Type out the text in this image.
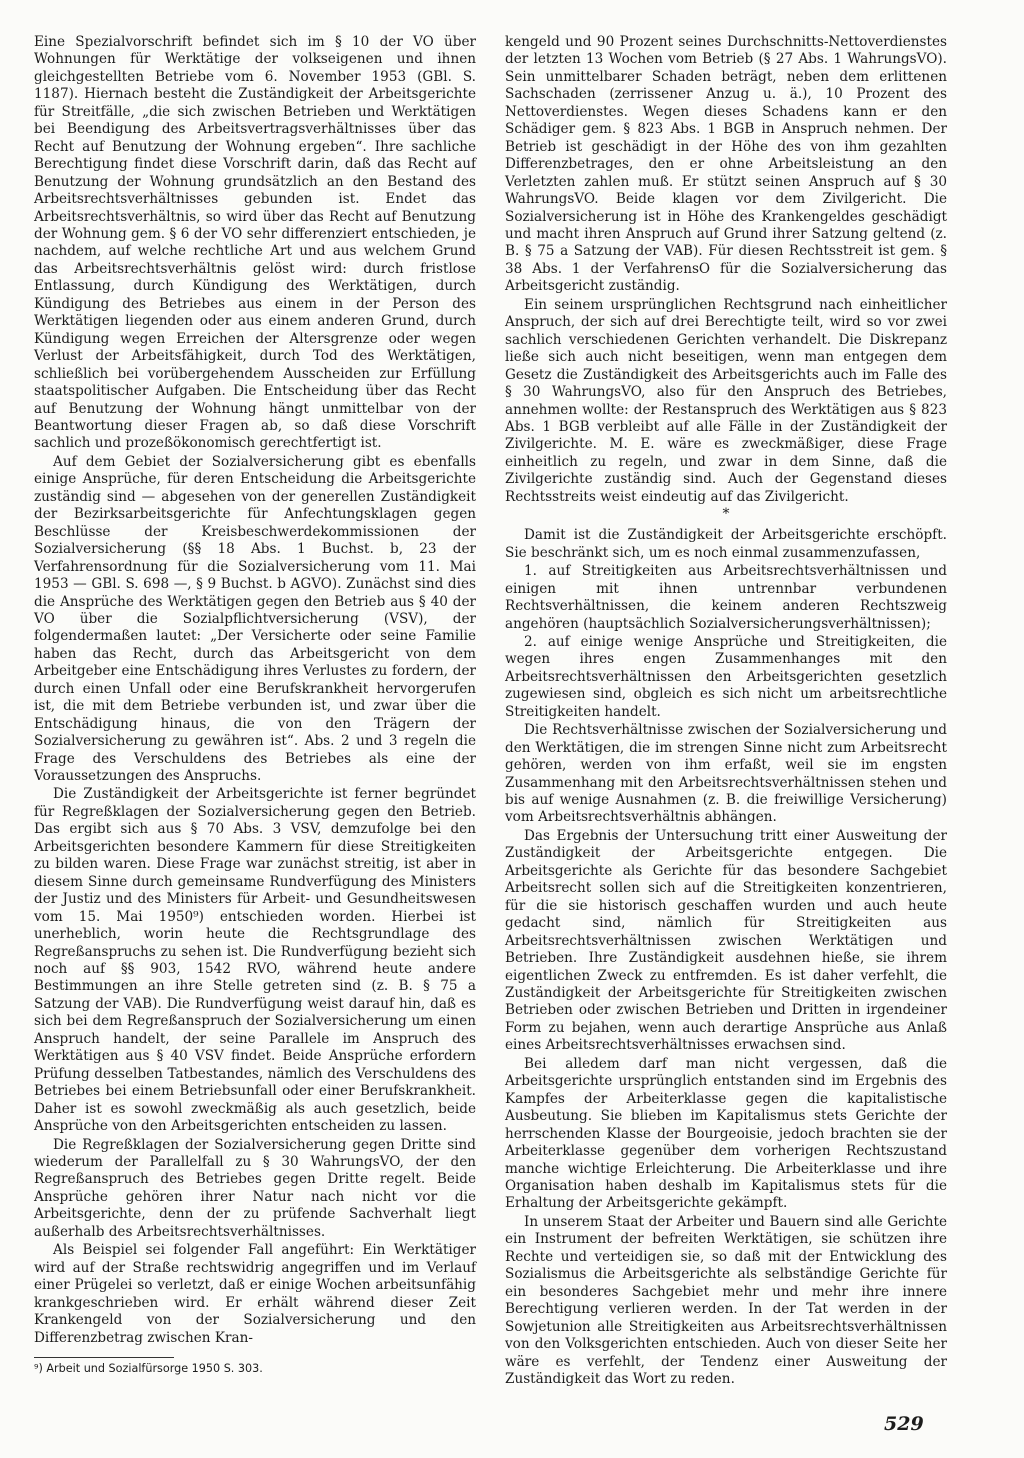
Eine Spezialvorschrift befindet sich im § 10 der VO über Wohnungen für Werktätige der volkseigenen und ihnen gleichgestellten Betriebe vom 6. November 1953 (GBl. S. 1187). Hiernach besteht die Zuständigkeit der Arbeitsgerichte für Streitfälle, „die sich zwischen Betrieben und Werktätigen bei Beendigung des Arbeitsvertragsverhältnisses über das Recht auf Benutzung der Wohnung ergeben“. Ihre sachliche Berechtigung findet diese Vorschrift darin, daß das Recht auf Benutzung der Wohnung grundsätzlich an den Bestand des Arbeitsrechtsverhältnisses gebunden ist. Endet das Arbeitsrechtsverhältnis, so wird über das Recht auf Benutzung der Wohnung gem. § 6 der VO sehr differenziert entschieden, je nachdem, auf welche rechtliche Art und aus welchem Grund das Arbeitsrechtsverhältnis gelöst wird: durch fristlose Entlassung, durch Kündigung des Werktätigen, durch Kündigung des Betriebes aus einem in der Person des Werktätigen liegenden oder aus einem anderen Grund, durch Kündigung wegen Erreichen der Altersgrenze oder wegen Verlust der Arbeitsfähigkeit, durch Tod des Werktätigen, schließlich bei vorübergehendem Ausscheiden zur Erfüllung staatspolitischer Aufgaben. Die Entscheidung über das Recht auf Benutzung der Wohnung hängt unmittelbar von der Beantwortung dieser Fragen ab, so daß diese Vorschrift sachlich und prozeßökonomisch gerechtfertigt ist.

Auf dem Gebiet der Sozialversicherung gibt es ebenfalls einige Ansprüche, für deren Entscheidung die Arbeitsgerichte zuständig sind — abgesehen von der generellen Zuständigkeit der Bezirksarbeitsgerichte für Anfechtungsklagen gegen Beschlüsse der Kreisbeschwerdekommissionen der Sozialversicherung (§§ 18 Abs. 1 Buchst. b, 23 der Verfahrensordnung für die Sozialversicherung vom 11. Mai 1953 — GBl. S. 698 —, § 9 Buchst. b AGVO). Zunächst sind dies die Ansprüche des Werktätigen gegen den Betrieb aus § 40 der VO über die Sozialpflichtversicherung (VSV), der folgendermaßen lautet: „Der Versicherte oder seine Familie haben das Recht, durch das Arbeitsgericht von dem Arbeitgeber eine Entschädigung ihres Verlustes zu fordern, der durch einen Unfall oder eine Berufskrankheit hervorgerufen ist, die mit dem Betriebe verbunden ist, und zwar über die Entschädigung hinaus, die von den Trägern der Sozialversicherung zu gewähren ist“. Abs. 2 und 3 regeln die Frage des Verschuldens des Betriebes als eine der Voraussetzungen des Anspruchs.

Die Zuständigkeit der Arbeitsgerichte ist ferner begründet für Regreßklagen der Sozialversicherung gegen den Betrieb. Das ergibt sich aus § 70 Abs. 3 VSV, demzufolge bei den Arbeitsgerichten besondere Kammern für diese Streitigkeiten zu bilden waren. Diese Frage war zunächst streitig, ist aber in diesem Sinne durch gemeinsame Rundverfügung des Ministers der Justiz und des Ministers für Arbeit- und Gesundheitswesen vom 15. Mai 1950⁹) entschieden worden. Hierbei ist unerheblich, worin heute die Rechtsgrundlage des Regreßanspruchs zu sehen ist. Die Rundverfügung bezieht sich noch auf §§ 903, 1542 RVO, während heute andere Bestimmungen an ihre Stelle getreten sind (z. B. § 75 a Satzung der VAB). Die Rundverfügung weist darauf hin, daß es sich bei dem Regreßanspruch der Sozialversicherung um einen Anspruch handelt, der seine Parallele im Anspruch des Werktätigen aus § 40 VSV findet. Beide Ansprüche erfordern Prüfung desselben Tatbestandes, nämlich des Verschuldens des Betriebes bei einem Betriebsunfall oder einer Berufskrankheit. Daher ist es sowohl zweckmäßig als auch gesetzlich, beide Ansprüche von den Arbeitsgerichten entscheiden zu lassen.

Die Regreßklagen der Sozialversicherung gegen Dritte sind wiederum der Parallelfall zu § 30 WahrungsVO, der den Regreßanspruch des Betriebes gegen Dritte regelt. Beide Ansprüche gehören ihrer Natur nach nicht vor die Arbeitsgerichte, denn der zu prüfende Sachverhalt liegt außerhalb des Arbeitsrechtsverhältnisses.

Als Beispiel sei folgender Fall angeführt: Ein Werktätiger wird auf der Straße rechtswidrig angegriffen und im Verlauf einer Prügelei so verletzt, daß er einige Wochen arbeitsunfähig krankgeschrieben wird. Er erhält während dieser Zeit Krankengeld von der Sozialversicherung und den Differenzbetrag zwischen Kran-

⁹) Arbeit und Sozialfürsorge 1950 S. 303.

kengeld und 90 Prozent seines Durchschnitts-Nettoverdienstes der letzten 13 Wochen vom Betrieb (§ 27 Abs. 1 WahrungsVO). Sein unmittelbarer Schaden beträgt, neben dem erlittenen Sachschaden (zerrissener Anzug u. ä.), 10 Prozent des Nettoverdienstes. Wegen dieses Schadens kann er den Schädiger gem. § 823 Abs. 1 BGB in Anspruch nehmen. Der Betrieb ist geschädigt in der Höhe des von ihm gezahlten Differenzbetrages, den er ohne Arbeitsleistung an den Verletzten zahlen muß. Er stützt seinen Anspruch auf § 30 WahrungsVO. Beide klagen vor dem Zivilgericht. Die Sozialversicherung ist in Höhe des Krankengeldes geschädigt und macht ihren Anspruch auf Grund ihrer Satzung geltend (z. B. § 75 a Satzung der VAB). Für diesen Rechtsstreit ist gem. § 38 Abs. 1 der VerfahrensO für die Sozialversicherung das Arbeitsgericht zuständig.

Ein seinem ursprünglichen Rechtsgrund nach einheitlicher Anspruch, der sich auf drei Berechtigte teilt, wird so vor zwei sachlich verschiedenen Gerichten verhandelt. Die Diskrepanz ließe sich auch nicht beseitigen, wenn man entgegen dem Gesetz die Zuständigkeit des Arbeitsgerichts auch im Falle des § 30 WahrungsVO, also für den Anspruch des Betriebes, annehmen wollte: der Restanspruch des Werktätigen aus § 823 Abs. 1 BGB verbleibt auf alle Fälle in der Zuständigkeit der Zivilgerichte. M. E. wäre es zweckmäßiger, diese Frage einheitlich zu regeln, und zwar in dem Sinne, daß die Zivilgerichte zuständig sind. Auch der Gegenstand dieses Rechtsstreits weist eindeutig auf das Zivilgericht.

*

Damit ist die Zuständigkeit der Arbeitsgerichte erschöpft. Sie beschränkt sich, um es noch einmal zusammenzufassen,

1. auf Streitigkeiten aus Arbeitsrechtsverhältnissen und einigen mit ihnen untrennbar verbundenen Rechtsverhältnissen, die keinem anderen Rechtszweig angehören (hauptsächlich Sozialversicherungsverhältnissen);

2. auf einige wenige Ansprüche und Streitigkeiten, die wegen ihres engen Zusammenhanges mit den Arbeitsrechtsverhältnissen den Arbeitsgerichten gesetzlich zugewiesen sind, obgleich es sich nicht um arbeitsrechtliche Streitigkeiten handelt.

Die Rechtsverhältnisse zwischen der Sozialversicherung und den Werktätigen, die im strengen Sinne nicht zum Arbeitsrecht gehören, werden von ihm erfaßt, weil sie im engsten Zusammenhang mit den Arbeitsrechtsverhältnissen stehen und bis auf wenige Ausnahmen (z. B. die freiwillige Versicherung) vom Arbeitsrechtsverhältnis abhängen.

Das Ergebnis der Untersuchung tritt einer Ausweitung der Zuständigkeit der Arbeitsgerichte entgegen. Die Arbeitsgerichte als Gerichte für das besondere Sachgebiet Arbeitsrecht sollen sich auf die Streitigkeiten konzentrieren, für die sie historisch geschaffen wurden und auch heute gedacht sind, nämlich für Streitigkeiten aus Arbeitsrechtsverhältnissen zwischen Werktätigen und Betrieben. Ihre Zuständigkeit ausdehnen hieße, sie ihrem eigentlichen Zweck zu entfremden. Es ist daher verfehlt, die Zuständigkeit der Arbeitsgerichte für Streitigkeiten zwischen Betrieben oder zwischen Betrieben und Dritten in irgendeiner Form zu bejahen, wenn auch derartige Ansprüche aus Anlaß eines Arbeitsrechtsverhältnisses erwachsen sind.

Bei alledem darf man nicht vergessen, daß die Arbeitsgerichte ursprünglich entstanden sind im Ergebnis des Kampfes der Arbeiterklasse gegen die kapitalistische Ausbeutung. Sie blieben im Kapitalismus stets Gerichte der herrschenden Klasse der Bourgeoisie, jedoch brachten sie der Arbeiterklasse gegenüber dem vorherigen Rechtszustand manche wichtige Erleichterung. Die Arbeiterklasse und ihre Organisation haben deshalb im Kapitalismus stets für die Erhaltung der Arbeitsgerichte gekämpft.

In unserem Staat der Arbeiter und Bauern sind alle Gerichte ein Instrument der befreiten Werktätigen, sie schützen ihre Rechte und verteidigen sie, so daß mit der Entwicklung des Sozialismus die Arbeitsgerichte als selbständige Gerichte für ein besonderes Sachgebiet mehr und mehr ihre innere Berechtigung verlieren werden. In der Tat werden in der Sowjetunion alle Streitigkeiten aus Arbeitsrechtsverhältnissen von den Volksgerichten entschieden. Auch von dieser Seite her wäre es verfehlt, der Tendenz einer Ausweitung der Zuständigkeit das Wort zu reden.

529
